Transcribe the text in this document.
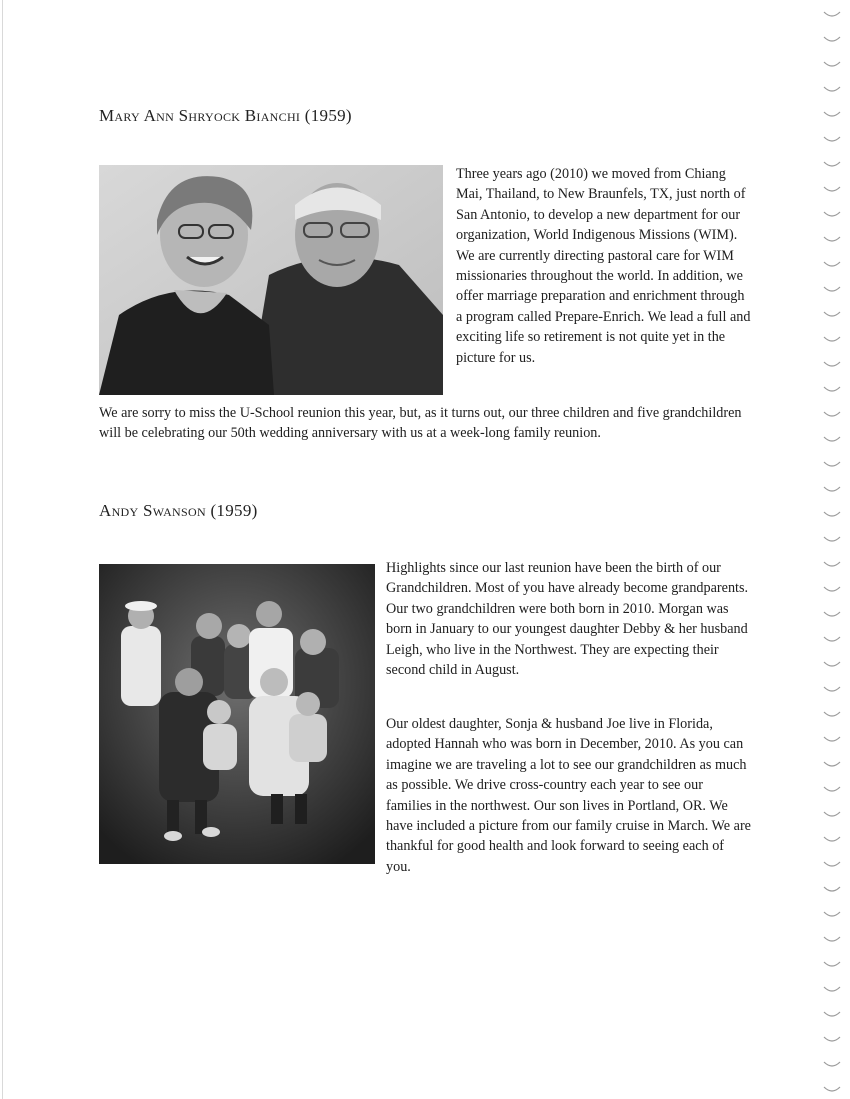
Mary Ann Shryock Bianchi (1959)

Three years ago (2010) we moved from Chiang Mai, Thailand, to New Braunfels, TX, just north of San Antonio, to develop a new department for our organization, World Indigenous Missions (WIM). We are currently directing pastoral care for WIM missionaries throughout the world. In addition, we offer marriage preparation and enrichment through a program called Prepare-Enrich. We lead a full and exciting life so retirement is not quite yet in the picture for us.

We are sorry to miss the U-School reunion this year, but, as it turns out, our three children and five grandchildren will be celebrating our 50th wedding anniversary with us at a week-long family reunion.

Andy Swanson (1959)

Highlights since our last reunion have been the birth of our Grandchildren. Most of you have already become grandparents. Our two grandchildren were both born in 2010. Morgan was born in January to our youngest daughter Debby & her husband Leigh, who live in the Northwest. They are expecting their second child in August.

Our oldest daughter, Sonja & husband Joe live in Florida, adopted Hannah who was born in December, 2010. As you can imagine we are traveling a lot to see our grandchildren as much as possible. We drive cross-country each year to see our families in the northwest. Our son lives in Portland, OR. We have included a picture from our family cruise in March. We are thankful for good health and look forward to seeing each of you.
